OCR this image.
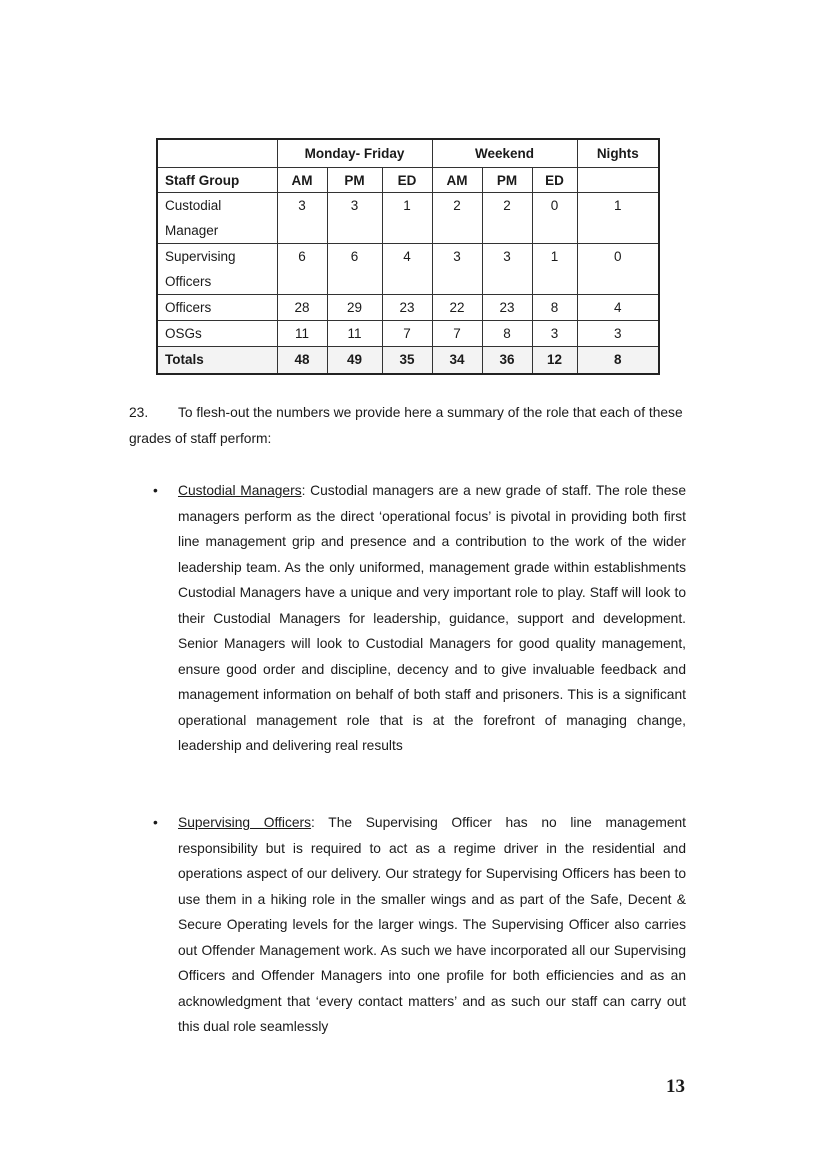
	Monday- Friday			Weekend			Nights
Staff Group	AM	PM	ED	AM	PM	ED	

Custodial
Manager	3	3	1	2	2	0	1

Supervising
Officers	6	6	4	3	3	1	0
Officers	28	29	23	22	23	8	4
OSGs	11	11	7	7	8	3	3
Totals	48	49	35	34	36	12	8

23. To flesh-out the numbers we provide here a summary of the role that each of these grades of staff perform:

• Custodial Managers: Custodial managers are a new grade of staff. The role these managers perform as the direct ‘operational focus’ is pivotal in providing both first line management grip and presence and a contribution to the work of the wider leadership team. As the only uniformed, management grade within establishments Custodial Managers have a unique and very important role to play. Staff will look to their Custodial Managers for leadership, guidance, support and development. Senior Managers will look to Custodial Managers for good quality management, ensure good order and discipline, decency and to give invaluable feedback and management information on behalf of both staff and prisoners. This is a significant operational management role that is at the forefront of managing change, leadership and delivering real results

• Supervising Officers: The Supervising Officer has no line management responsibility but is required to act as a regime driver in the residential and operations aspect of our delivery. Our strategy for Supervising Officers has been to use them in a hiking role in the smaller wings and as part of the Safe, Decent & Secure Operating levels for the larger wings. The Supervising Officer also carries out Offender Management work. As such we have incorporated all our Supervising Officers and Offender Managers into one profile for both efficiencies and as an acknowledgment that ‘every contact matters’ and as such our staff can carry out this dual role seamlessly

13
